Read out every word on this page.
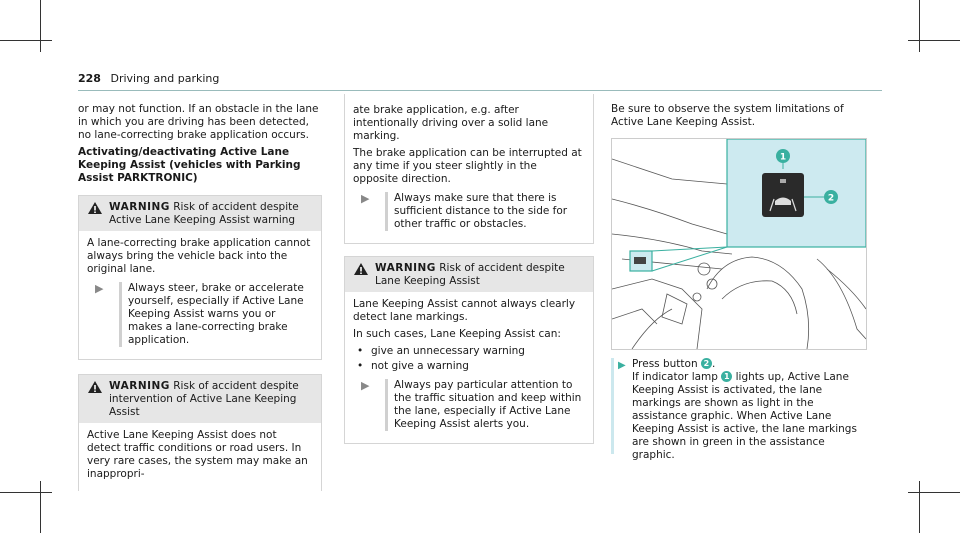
228 Driving and parking

or may not function. If an obstacle in the lane in which you are driving has been detected, no lane-correcting brake application occurs.

Activating/deactivating Active Lane Keeping Assist (vehicles with Parking Assist PARKTRONIC)

WARNING Risk of accident despite Active Lane Keeping Assist warning

A lane-correcting brake application cannot always bring the vehicle back into the original lane.

▶	Always steer, brake or accelerate yourself, especially if Active Lane Keeping Assist warns you or makes a lane-correcting brake application.
WARNING Risk of accident despite intervention of Active Lane Keeping Assist

Active Lane Keeping Assist does not detect traffic conditions or road users. In very rare cases, the system may make an inappropri-

ate brake application, e.g. after intentionally driving over a solid lane marking.

The brake application can be interrupted at any time if you steer slightly in the opposite direction.

▶	Always make sure that there is sufficient distance to the side for other traffic or obstacles.
WARNING Risk of accident despite Lane Keeping Assist

Lane Keeping Assist cannot always clearly detect lane markings.

In such cases, Lane Keeping Assist can:

• give an unnecessary warning
• not give a warning
▶	Always pay particular attention to the traffic situation and keep within the lane, especially if Active Lane Keeping Assist alerts you.

Be sure to observe the system limitations of Active Lane Keeping Assist.

1
2
▶ Press button 2 .
If indicator lamp 1 lights up, Active Lane Keeping Assist is activated, the lane markings are shown as light in the assistance graphic. When Active Lane Keeping Assist is active, the lane markings are shown in green in the assistance graphic.
